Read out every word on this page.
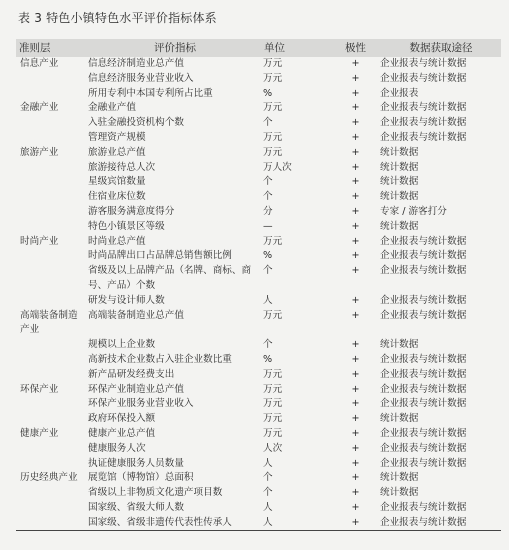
表 3 特色小镇特色水平评价指标体系
准则层	评价指标	单位	极性	数据获取途径
信息产业	信息经济制造业总产值	万元	+	企业报表与统计数据
	信息经济服务业营业收入	万元	+	企业报表与统计数据
	所用专利中本国专利所占比重	%	+	企业报表
金融产业	金融业产值	万元	+	企业报表与统计数据
	入驻金融投资机构个数	个	+	企业报表与统计数据
	管理资产规模	万元	+	企业报表与统计数据
旅游产业	旅游业总产值	万元	+	统计数据
	旅游接待总人次	万人次	+	统计数据
	星级宾馆数量	个	+	统计数据
	住宿业床位数	个	+	统计数据
	游客服务满意度得分	分	+	专家 / 游客打分
	特色小镇景区等级	—	+	统计数据
时尚产业	时尚业总产值	万元	+	企业报表与统计数据
	时尚品牌出口占品牌总销售额比例	%	+	企业报表与统计数据
	省级及以上品牌产品（名牌、商标、商号、产品）个数	个	+	企业报表与统计数据
	研发与设计师人数	人	+	企业报表与统计数据
高端装备制造产业	高端装备制造业总产值	万元	+	企业报表与统计数据
	规模以上企业数	个	+	统计数据
	高新技术企业数占入驻企业数比重	%	+	企业报表与统计数据
	新产品研发经费支出	万元	+	企业报表与统计数据
环保产业	环保产业制造业总产值	万元	+	企业报表与统计数据
	环保产业服务业营业收入	万元	+	企业报表与统计数据
	政府环保投入额	万元	+	统计数据
健康产业	健康产业总产值	万元	+	企业报表与统计数据
	健康服务人次	人次	+	企业报表与统计数据
	执证健康服务人员数量	人	+	企业报表与统计数据
历史经典产业	展览馆（博物馆）总面积	个	+	统计数据
	省级以上非物质文化遗产项目数	个	+	统计数据
	国家级、省级大师人数	人	+	企业报表与统计数据
	国家级、省级非遗传代表性传承人	人	+	企业报表与统计数据
